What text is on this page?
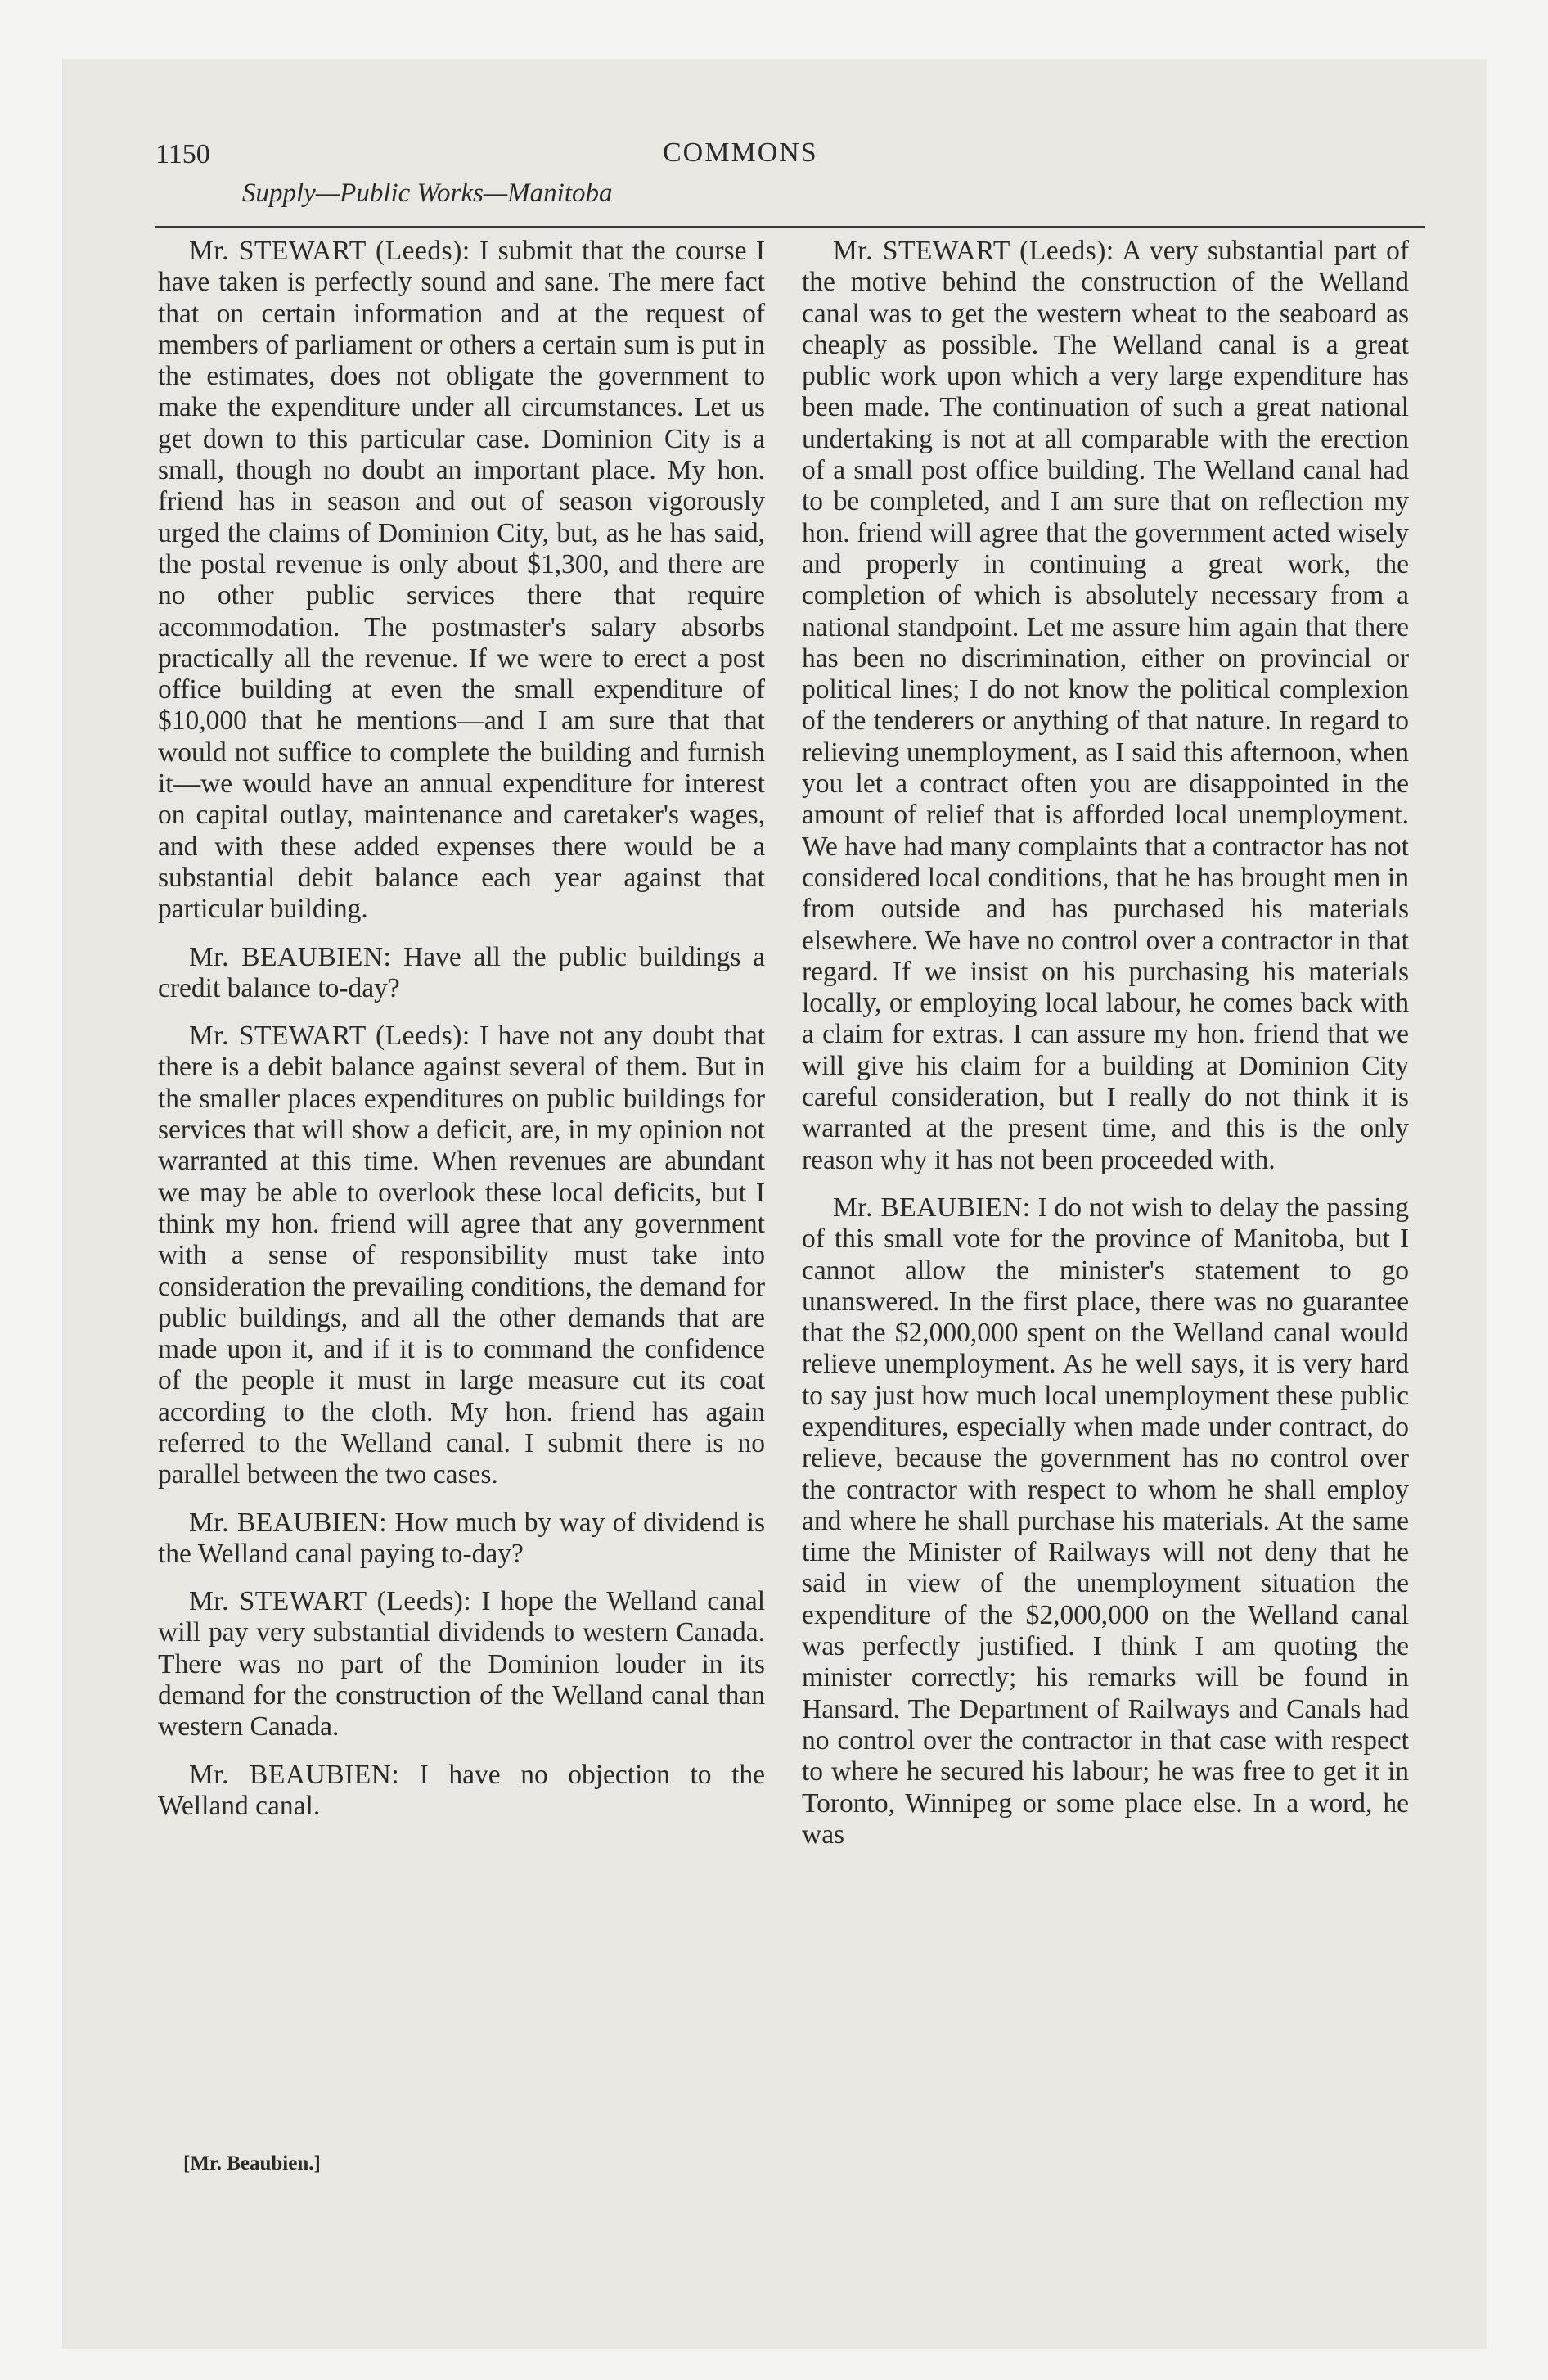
1150	COMMONS
Supply—Public Works—Manitoba

Mr. STEWART (Leeds): I submit that the course I have taken is perfectly sound and sane. The mere fact that on certain information and at the request of members of parliament or others a certain sum is put in the estimates, does not obligate the government to make the expenditure under all circumstances. Let us get down to this particular case. Dominion City is a small, though no doubt an important place. My hon. friend has in season and out of season vigorously urged the claims of Dominion City, but, as he has said, the postal revenue is only about $1,300, and there are no other public services there that require accommodation. The postmaster's salary absorbs practically all the revenue. If we were to erect a post office building at even the small expenditure of $10,000 that he mentions—and I am sure that that would not suffice to complete the building and furnish it—we would have an annual expenditure for interest on capital outlay, maintenance and caretaker's wages, and with these added expenses there would be a substantial debit balance each year against that particular building.

Mr. BEAUBIEN: Have all the public buildings a credit balance to-day?

Mr. STEWART (Leeds): I have not any doubt that there is a debit balance against several of them. But in the smaller places expenditures on public buildings for services that will show a deficit, are, in my opinion not warranted at this time. When revenues are abundant we may be able to overlook these local deficits, but I think my hon. friend will agree that any government with a sense of responsibility must take into consideration the prevailing conditions, the demand for public buildings, and all the other demands that are made upon it, and if it is to command the confidence of the people it must in large measure cut its coat according to the cloth. My hon. friend has again referred to the Welland canal. I submit there is no parallel between the two cases.

Mr. BEAUBIEN: How much by way of dividend is the Welland canal paying to-day?

Mr. STEWART (Leeds): I hope the Welland canal will pay very substantial dividends to western Canada. There was no part of the Dominion louder in its demand for the construction of the Welland canal than western Canada.

Mr. BEAUBIEN: I have no objection to the Welland canal.

Mr. STEWART (Leeds): A very substantial part of the motive behind the construction of the Welland canal was to get the western wheat to the seaboard as cheaply as possible. The Welland canal is a great public work upon which a very large expenditure has been made. The continuation of such a great national undertaking is not at all comparable with the erection of a small post office building. The Welland canal had to be completed, and I am sure that on reflection my hon. friend will agree that the government acted wisely and properly in continuing a great work, the completion of which is absolutely necessary from a national standpoint. Let me assure him again that there has been no discrimination, either on provincial or political lines; I do not know the political complexion of the tenderers or anything of that nature. In regard to relieving unemployment, as I said this afternoon, when you let a contract often you are disappointed in the amount of relief that is afforded local unemployment. We have had many complaints that a contractor has not considered local conditions, that he has brought men in from outside and has purchased his materials elsewhere. We have no control over a contractor in that regard. If we insist on his purchasing his materials locally, or employing local labour, he comes back with a claim for extras. I can assure my hon. friend that we will give his claim for a building at Dominion City careful consideration, but I really do not think it is warranted at the present time, and this is the only reason why it has not been proceeded with.

Mr. BEAUBIEN: I do not wish to delay the passing of this small vote for the province of Manitoba, but I cannot allow the minister's statement to go unanswered. In the first place, there was no guarantee that the $2,000,000 spent on the Welland canal would relieve unemployment. As he well says, it is very hard to say just how much local unemployment these public expenditures, especially when made under contract, do relieve, because the government has no control over the contractor with respect to whom he shall employ and where he shall purchase his materials. At the same time the Minister of Railways will not deny that he said in view of the unemployment situation the expenditure of the $2,000,000 on the Welland canal was perfectly justified. I think I am quoting the minister correctly; his remarks will be found in Hansard. The Department of Railways and Canals had no control over the contractor in that case with respect to where he secured his labour; he was free to get it in Toronto, Winnipeg or some place else. In a word, he was

[Mr. Beaubien.]
